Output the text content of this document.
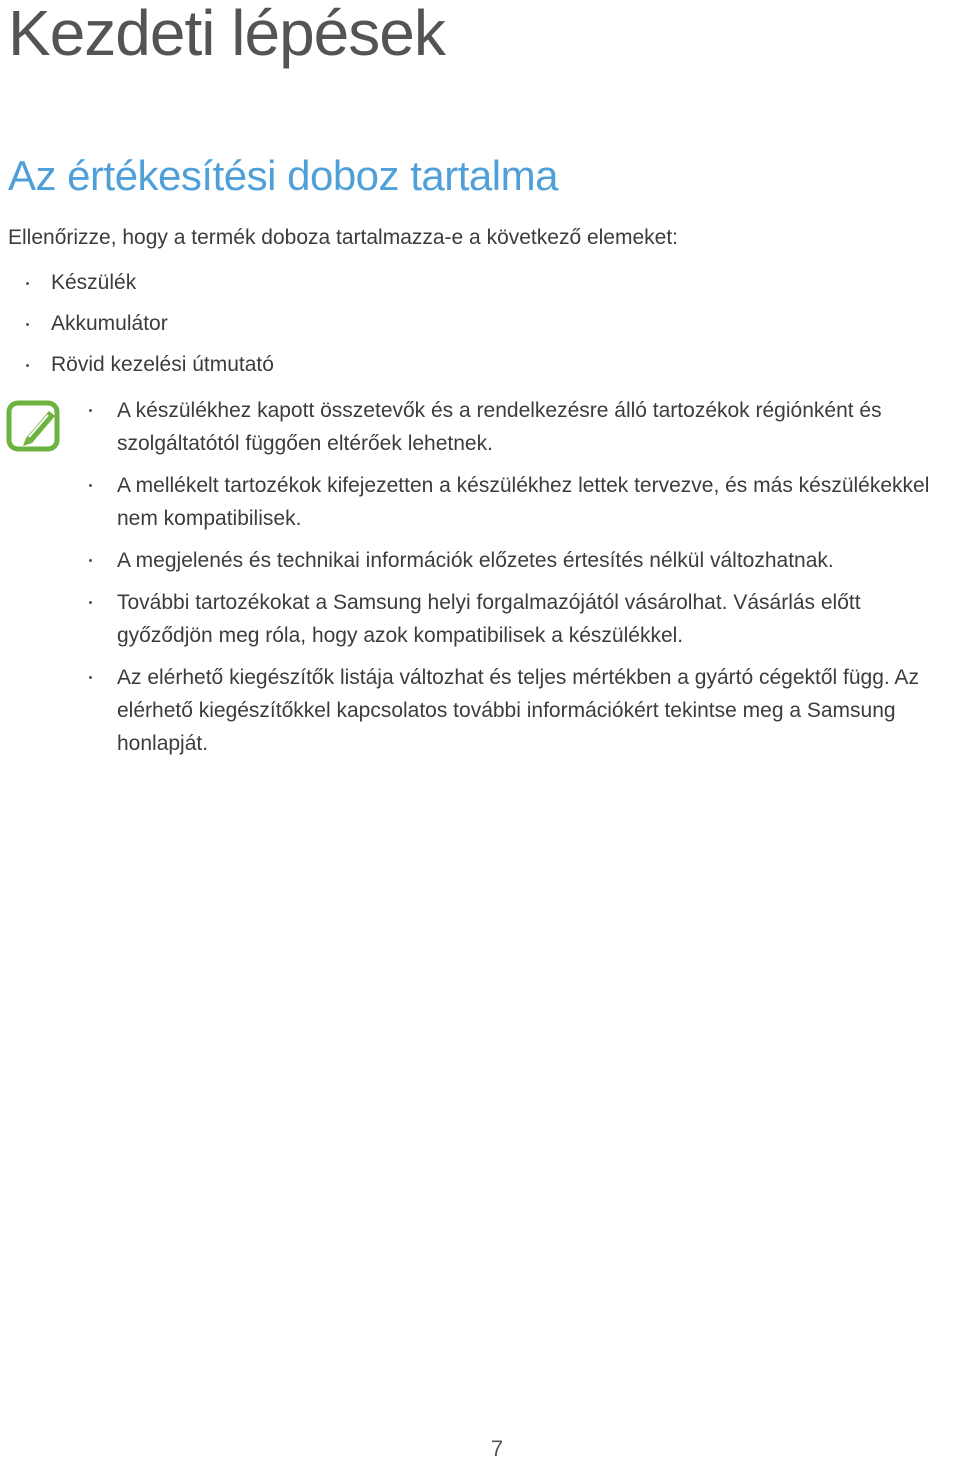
Kezdeti lépések
Az értékesítési doboz tartalma

Ellenőrizze, hogy a termék doboza tartalmazza-e a következő elemeket:

Készülék
Akkumulátor
Rövid kezelési útmutató
A készülékhez kapott összetevők és a rendelkezésre álló tartozékok régiónként és szolgáltatótól függően eltérőek lehetnek.
A mellékelt tartozékok kifejezetten a készülékhez lettek tervezve, és más készülékekkel nem kompatibilisek.
A megjelenés és technikai információk előzetes értesítés nélkül változhatnak.
További tartozékokat a Samsung helyi forgalmazójától vásárolhat. Vásárlás előtt győződjön meg róla, hogy azok kompatibilisek a készülékkel.
Az elérhető kiegészítők listája változhat és teljes mértékben a gyártó cégektől függ. Az elérhető kiegészítőkkel kapcsolatos további információkért tekintse meg a Samsung honlapját.
7
